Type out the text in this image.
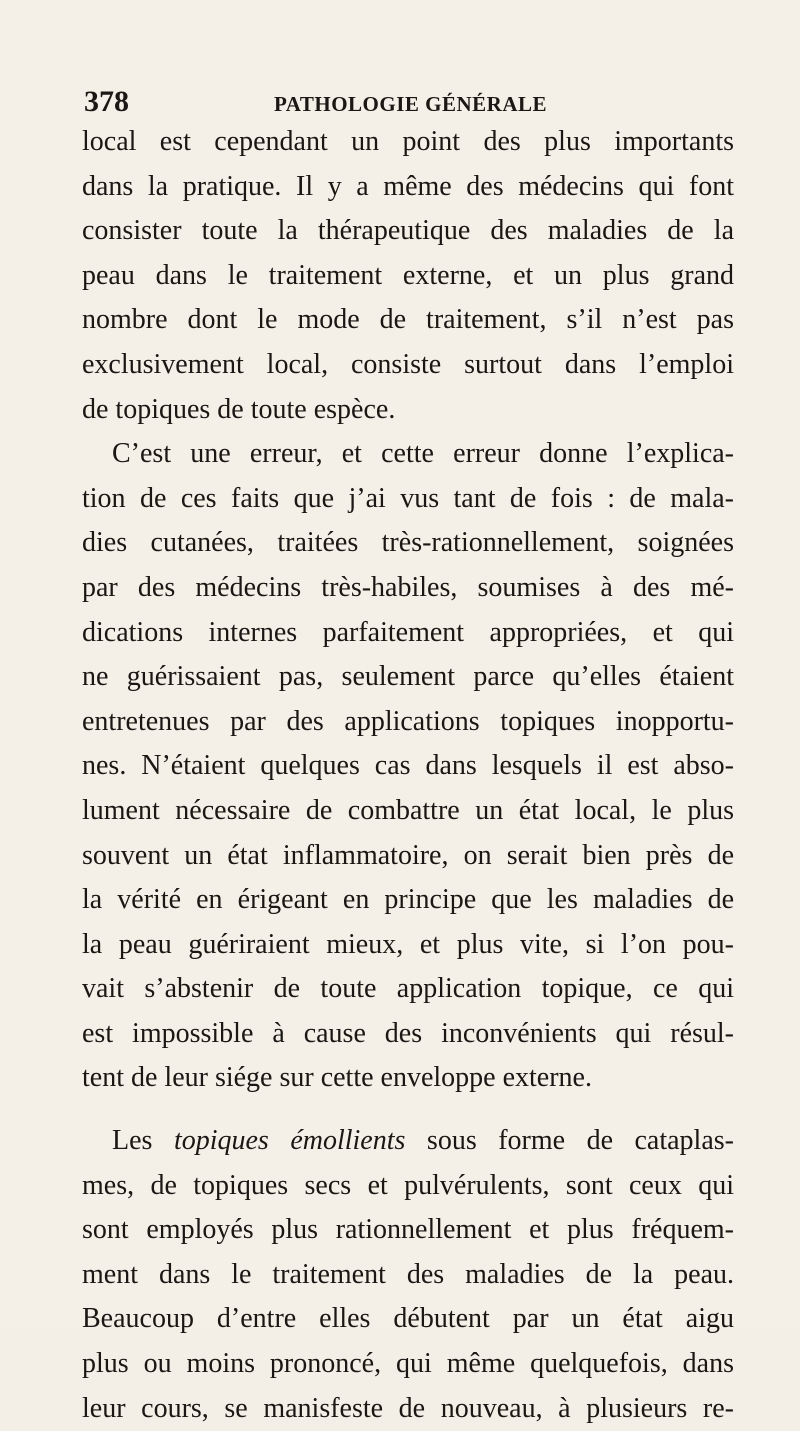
378	PATHOLOGIE GÉNÉRALE
local est cependant un point des plus importants
dans la pratique. Il y a même des médecins qui font
consister toute la thérapeutique des maladies de la
peau dans le traitement externe, et un plus grand
nombre dont le mode de traitement, s’il n’est pas
exclusivement local, consiste surtout dans l’emploi
de topiques de toute espèce.
C’est une erreur, et cette erreur donne l’explica-
tion de ces faits que j’ai vus tant de fois : de mala-
dies cutanées, traitées très-rationnellement, soignées
par des médecins très-habiles, soumises à des mé-
dications internes parfaitement appropriées, et qui
ne guérissaient pas, seulement parce qu’elles étaient
entretenues par des applications topiques inopportu-
nes. N’étaient quelques cas dans lesquels il est abso-
lument nécessaire de combattre un état local, le plus
souvent un état inflammatoire, on serait bien près de
la vérité en érigeant en principe que les maladies de
la peau guériraient mieux, et plus vite, si l’on pou-
vait s’abstenir de toute application topique, ce qui
est impossible à cause des inconvénients qui résul-
tent de leur siége sur cette enveloppe externe.
Les topiques émollients sous forme de cataplas-
mes, de topiques secs et pulvérulents, sont ceux qui
sont employés plus rationnellement et plus fréquem-
ment dans le traitement des maladies de la peau.
Beaucoup d’entre elles débutent par un état aigu
plus ou moins prononcé, qui même quelquefois, dans
leur cours, se manisfeste de nouveau, à plusieurs re-
